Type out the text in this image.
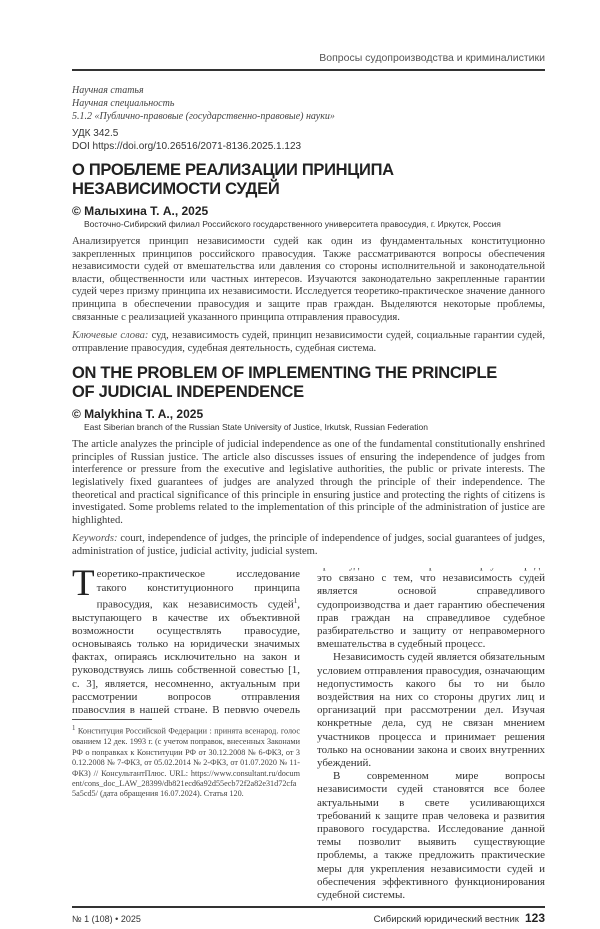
Вопросы судопроизводства и криминалистики
Научная статья
Научная специальность
5.1.2 «Публично-правовые (государственно-правовые) науки»
УДК 342.5
DOI https://doi.org/10.26516/2071-8136.2025.1.123
О ПРОБЛЕМЕ РЕАЛИЗАЦИИ ПРИНЦИПА
НЕЗАВИСИМОСТИ СУДЕЙ
© Малыхина Т. А., 2025
Восточно-Сибирский филиал Российского государственного университета правосудия, г. Иркутск, Россия
Анализируется принцип независимости судей как один из фундаментальных конституционно закрепленных принципов российского правосудия. Также рассматриваются вопросы обеспечения независимости судей от вмешательства или давления со стороны исполнительной и законодательной власти, общественности или частных интересов. Изучаются законодательно закрепленные гарантии судей через призму принципа их независимости. Исследуется теоретико-практическое значение данного принципа в обеспечении правосудия и защите прав граждан. Выделяются некоторые проблемы, связанные с реализацией указанного принципа отправления правосудия.
Ключевые слова: суд, независимость судей, принцип независимости судей, социальные гарантии судей, отправление правосудия, судебная деятельность, судебная система.
ON THE PROBLEM OF IMPLEMENTING THE PRINCIPLE
OF JUDICIAL INDEPENDENCE
© Malykhina T. A., 2025
East Siberian branch of the Russian State University of Justice, Irkutsk, Russian Federation
The article analyzes the principle of judicial independence as one of the fundamental constitutionally enshrined principles of Russian justice. The article also discusses issues of ensuring the independence of judges from interference or pressure from the executive and legislative authorities, the public or private interests. The legislatively fixed guarantees of judges are analyzed through the principle of their independence. The theoretical and practical significance of this principle in ensuring justice and protecting the rights of citizens is investigated. Some problems related to the implementation of this principle of the administration of justice are highlighted.
Keywords: court, independence of judges, the principle of independence of judges, social guarantees of judges, administration of justice, judicial activity, judicial system.

Т еоретико-практическое исследование такого конституционного принципа правосудия, как независимость судей1, выступающего в качестве их объективной возможности осуществлять правосудие, основываясь только на юридически значимых фактах, опираясь исключительно на закон и руководствуясь лишь собственной совестью [1, с. 3], является, несомненно, актуальным при рассмотрении вопросов отправления правосудия в нашей стране. В первую очередь

1 Конституция Российской Федерации : принята всенарод. голосованием 12 дек. 1993 г. (с учетом поправок, внесенных Законами РФ о поправках к Конституции РФ от 30.12.2008 № 6-ФКЗ, от 30.12.2008 № 7-ФКЗ, от 05.02.2014 № 2-ФКЗ, от 01.07.2020 № 11-ФКЗ) // КонсультантПлюс. URL: https://www.consultant.ru/document/cons_doc_LAW_28399/db821ecd6a92d55ecb72f2a82e31d72cfa5a5cd5/ (дата обращения 16.07.2024). Статья 120.

это связано с тем, что независимость судей является основой справедливого судопроизводства и дает гарантию обеспечения прав граждан на справедливое судебное разбирательство и защиту от неправомерного вмешательства в судебный процесс.

Независимость судей является обязательным условием отправления правосудия, означающим недопустимость какого бы то ни было воздействия на них со стороны других лиц и организаций при рассмотрении дел. Изучая конкретные дела, суд не связан мнением участников процесса и принимает решения только на основании закона и своих внутренних убеждений.

В современном мире вопросы независимости судей становятся все более актуальными в свете усиливающихся требований к защите прав человека и развития правового государства. Исследование данной темы позволит выявить существующие проблемы, а также предложить практические меры для укрепления независимости судей и обеспечения эффективного функционирования судебной системы.

№ 1 (108) • 2025	Сибирский юридический вестник 123
